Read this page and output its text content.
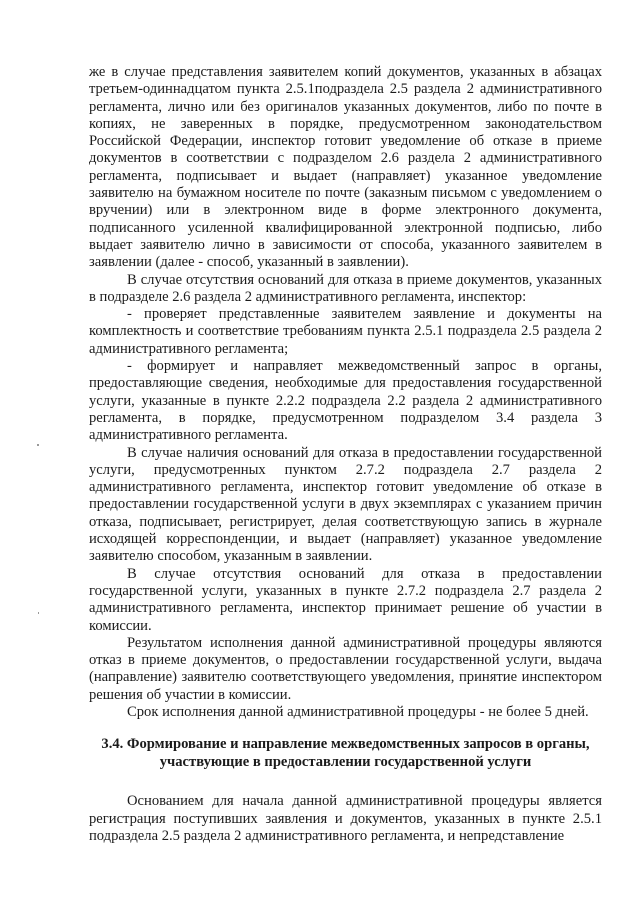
же в случае представления заявителем копий документов, указанных в абзацах третьем-одиннадцатом пункта 2.5.1подраздела 2.5 раздела 2 административного регламента, лично или без оригиналов указанных документов, либо по почте в копиях, не заверенных в порядке, предусмотренном законодательством Российской Федерации, инспектор готовит уведомление об отказе в приеме документов в соответствии с подразделом 2.6 раздела 2 административного регламента, подписывает и выдает (направляет) указанное уведомление заявителю на бумажном носителе по почте (заказным письмом с уведомлением о вручении) или в электронном виде в форме электронного документа, подписанного усиленной квалифицированной электронной подписью, либо выдает заявителю лично в зависимости от способа, указанного заявителем в заявлении (далее - способ, указанный в заявлении).

В случае отсутствия оснований для отказа в приеме документов, указанных в подразделе 2.6 раздела 2 административного регламента, инспектор:

- проверяет представленные заявителем заявление и документы на комплектность и соответствие требованиям пункта 2.5.1 подраздела 2.5 раздела 2 административного регламента;

- формирует и направляет межведомственный запрос в органы, предоставляющие сведения, необходимые для предоставления государственной услуги, указанные в пункте 2.2.2 подраздела 2.2 раздела 2 административного регламента, в порядке, предусмотренном подразделом 3.4 раздела 3 административного регламента.

В случае наличия оснований для отказа в предоставлении государственной услуги, предусмотренных пунктом 2.7.2 подраздела 2.7 раздела 2 административного регламента, инспектор готовит уведомление об отказе в предоставлении государственной услуги в двух экземплярах с указанием причин отказа, подписывает, регистрирует, делая соответствующую запись в журнале исходящей корреспонденции, и выдает (направляет) указанное уведомление заявителю способом, указанным в заявлении.

В случае отсутствия оснований для отказа в предоставлении государственной услуги, указанных в пункте 2.7.2 подраздела 2.7 раздела 2 административного регламента, инспектор принимает решение об участии в комиссии.

Результатом исполнения данной административной процедуры являются отказ в приеме документов, о предоставлении государственной услуги, выдача (направление) заявителю соответствующего уведомления, принятие инспектором решения об участии в комиссии.

Срок исполнения данной административной процедуры - не более 5 дней.

3.4. Формирование и направление межведомственных запросов в органы,
участвующие в предоставлении государственной услуги

Основанием для начала данной административной процедуры является регистрация поступивших заявления и документов, указанных в пункте 2.5.1 подраздела 2.5 раздела 2 административного регламента, и непредставление
